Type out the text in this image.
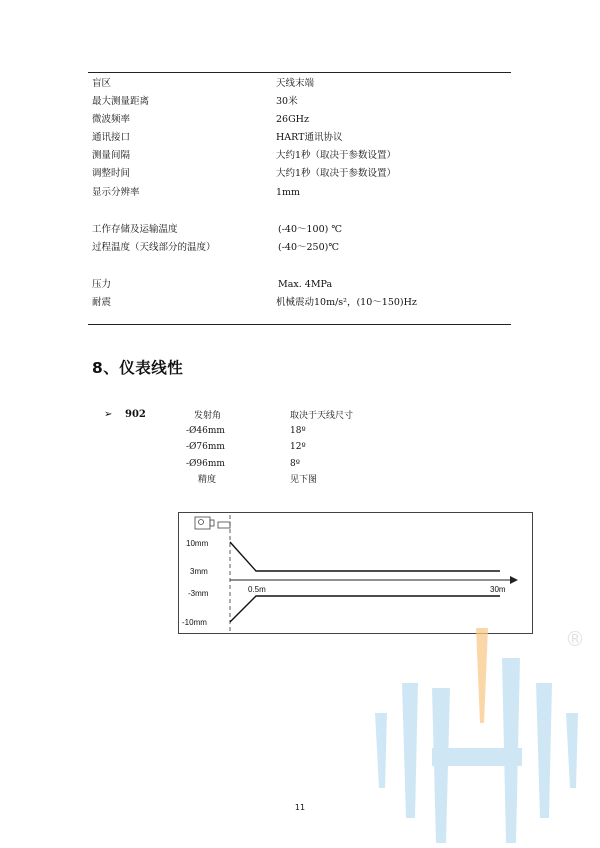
盲区	天线末端
最大测量距离	30米
微波频率	26GHz
通讯接口	HART通讯协议
测量间隔	大约1秒（取决于参数设置）
调整时间	大约1秒（取决于参数设置）
显示分辨率	1mm
工作存储及运输温度	(-40～100) ℃
过程温度（天线部分的温度）	(-40～250)℃
压力	Max. 4MPa
耐震	机械震动10m/s²，(10～150)Hz
8、仪表线性
➢ 902	发射角	取决于天线尺寸
-Ø46mm	18º
-Ø76mm	12º
-Ø96mm	8º
精度	见下图
10mm
3mm
-3mm
-10mm
0.5m	30m
®
11
